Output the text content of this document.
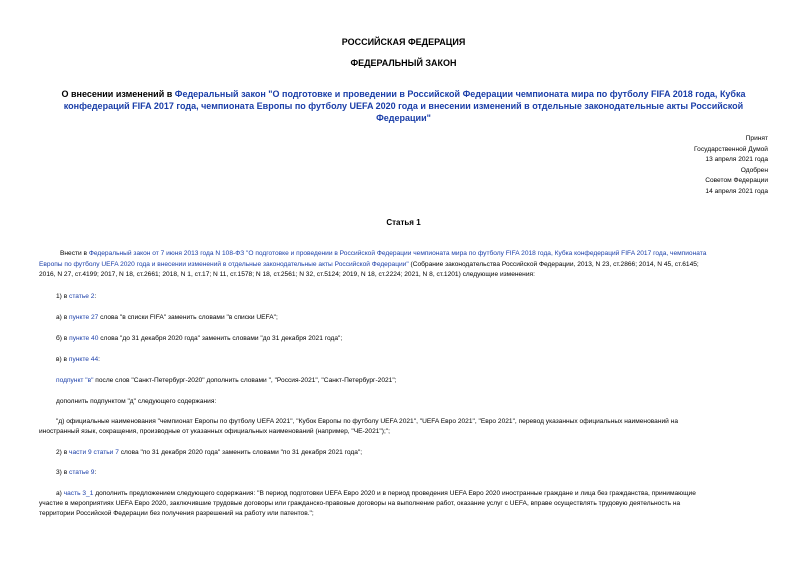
РОССИЙСКАЯ ФЕДЕРАЦИЯ
ФЕДЕРАЛЬНЫЙ ЗАКОН
О внесении изменений в Федеральный закон "О подготовке и проведении в Российской Федерации чемпионата мира по футболу FIFA 2018 года, Кубка конфедераций FIFA 2017 года, чемпионата Европы по футболу UEFA 2020 года и внесении изменений в отдельные законодательные акты Российской Федерации"
Принят
Государственной Думой
13 апреля 2021 года
Одобрен
Советом Федерации
14 апреля 2021 года
Статья 1
Внести в Федеральный закон от 7 июня 2013 года N 108-ФЗ "О подготовке и проведении в Российской Федерации чемпионата мира по футболу FIFA 2018 года, Кубка конфедераций FIFA 2017 года, чемпионата
Европы по футболу UEFA 2020 года и внесении изменений в отдельные законодательные акты Российской Федерации" (Собрание законодательства Российской Федерации, 2013, N 23, ст.2866; 2014, N 45, ст.6145;
2016, N 27, ст.4199; 2017, N 18, ст.2661; 2018, N 1, ст.17; N 11, ст.1578; N 18, ст.2561; N 32, ст.5124; 2019, N 18, ст.2224; 2021, N 8, ст.1201) следующие изменения:
1) в статье 2:
а) в пункте 27 слова "в списки FIFA" заменить словами "в списки UEFA";
б) в пункте 40 слова "до 31 декабря 2020 года" заменить словами "до 31 декабря 2021 года";
в) в пункте 44:
подпункт "в" после слов "Санкт-Петербург-2020" дополнить словами ", "Россия-2021", "Санкт-Петербург-2021";
дополнить подпунктом "д" следующего содержания:
"д) официальные наименования "чемпионат Европы по футболу UEFA 2021", "Кубок Европы по футболу UEFA 2021", "UEFA Евро 2021", "Евро 2021", перевод указанных официальных наименований на
иностранный язык, сокращения, производные от указанных официальных наименований (например, "ЧЕ-2021");";
2) в части 9 статьи 7 слова "по 31 декабря 2020 года" заменить словами "по 31 декабря 2021 года";
3) в статье 9:
а) часть 3_1 дополнить предложением следующего содержания: "В период подготовки UEFA Евро 2020 и в период проведения UEFA Евро 2020 иностранные граждане и лица без гражданства, принимающие
участие в мероприятиях UEFA Евро 2020, заключившие трудовые договоры или гражданско-правовые договоры на выполнение работ, оказание услуг с UEFA, вправе осуществлять трудовую деятельность на
территории Российской Федерации без получения разрешений на работу или патентов.";
